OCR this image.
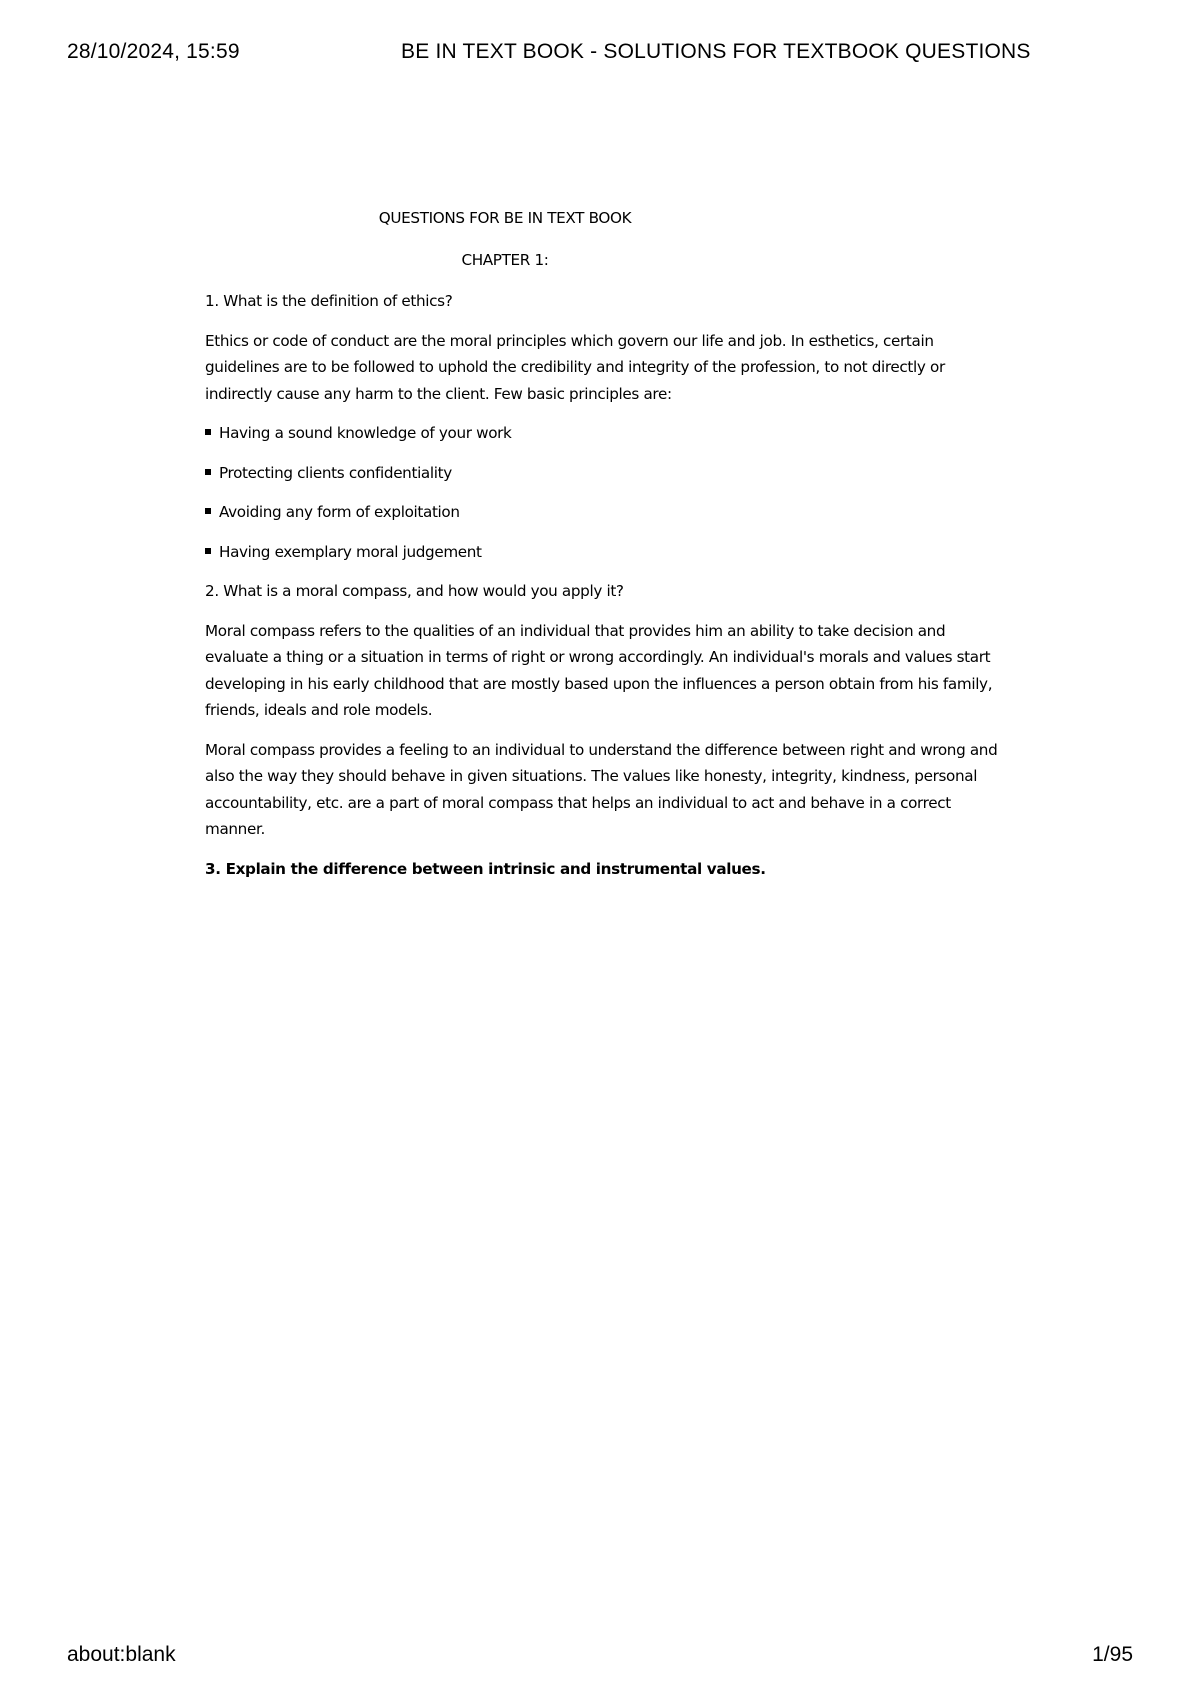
28/10/2024, 15:59	BE IN TEXT BOOK - SOLUTIONS FOR TEXTBOOK QUESTIONS

QUESTIONS FOR BE IN TEXT BOOK

CHAPTER 1:

1. What is the definition of ethics?

Ethics or code of conduct are the moral principles which govern our life and job. In esthetics, certain guidelines are to be followed to uphold the credibility and integrity of the profession, to not directly or indirectly cause any harm to the client. Few basic principles are:

Having a sound knowledge of your work
Protecting clients confidentiality
Avoiding any form of exploitation
Having exemplary moral judgement

2. What is a moral compass, and how would you apply it?

Moral compass refers to the qualities of an individual that provides him an ability to take decision and evaluate a thing or a situation in terms of right or wrong accordingly. An individual's morals and values start developing in his early childhood that are mostly based upon the influences a person obtain from his family, friends, ideals and role models.

Moral compass provides a feeling to an individual to understand the difference between right and wrong and also the way they should behave in given situations. The values like honesty, integrity, kindness, personal accountability, etc. are a part of moral compass that helps an individual to act and behave in a correct manner.

3. Explain the difference between intrinsic and instrumental values.

about:blank	1/95
